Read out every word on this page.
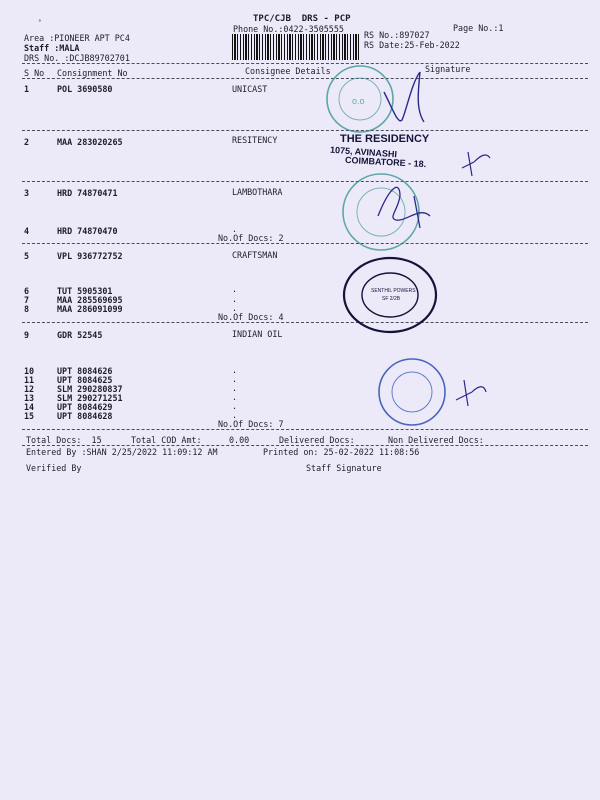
TPC/CJB  DRS - PCP
Phone No.:0422-3505555	Page No.:1
Area :PIONEER APT PC4
Staff :MALA
DRS No. :DCJB89702701
RS No.:897027
RS Date:25-Feb-2022
S No Consignment No	Consignee Details	Signature
1	POL 3690580	UNICAST
2	MAA 283020265	RESITENCY
3	HRD 74870471	LAMBOTHARA
4	HRD 74870470	.
No.Of Docs: 2
5	VPL 936772752	CRAFTSMAN
6	TUT 5905301	.
7	MAA 285569695	.
8	MAA 286091099	.
No.Of Docs: 4
9	GDR 52545	INDIAN OIL
10	UPT 8084626	.
11	UPT 8084625	.
12	SLM 290280837	.
13	SLM 290271251	.
14	UPT 8084629	.
15	UPT 8084628	.
No.Of Docs: 7
Total Docs:  15	Total COD Amt:	0.00	Delivered Docs:	Non Delivered Docs:
Entered By :SHAN 2/25/2022 11:09:12 AM	Printed on: 25-02-2022 11:08:56
Verified By	Staff Signature
o.o
THE RESIDENCY
1075, AVINASHI
COIMBATORE - 18.
SENTHIL POWERS
SF 2/2B
°
